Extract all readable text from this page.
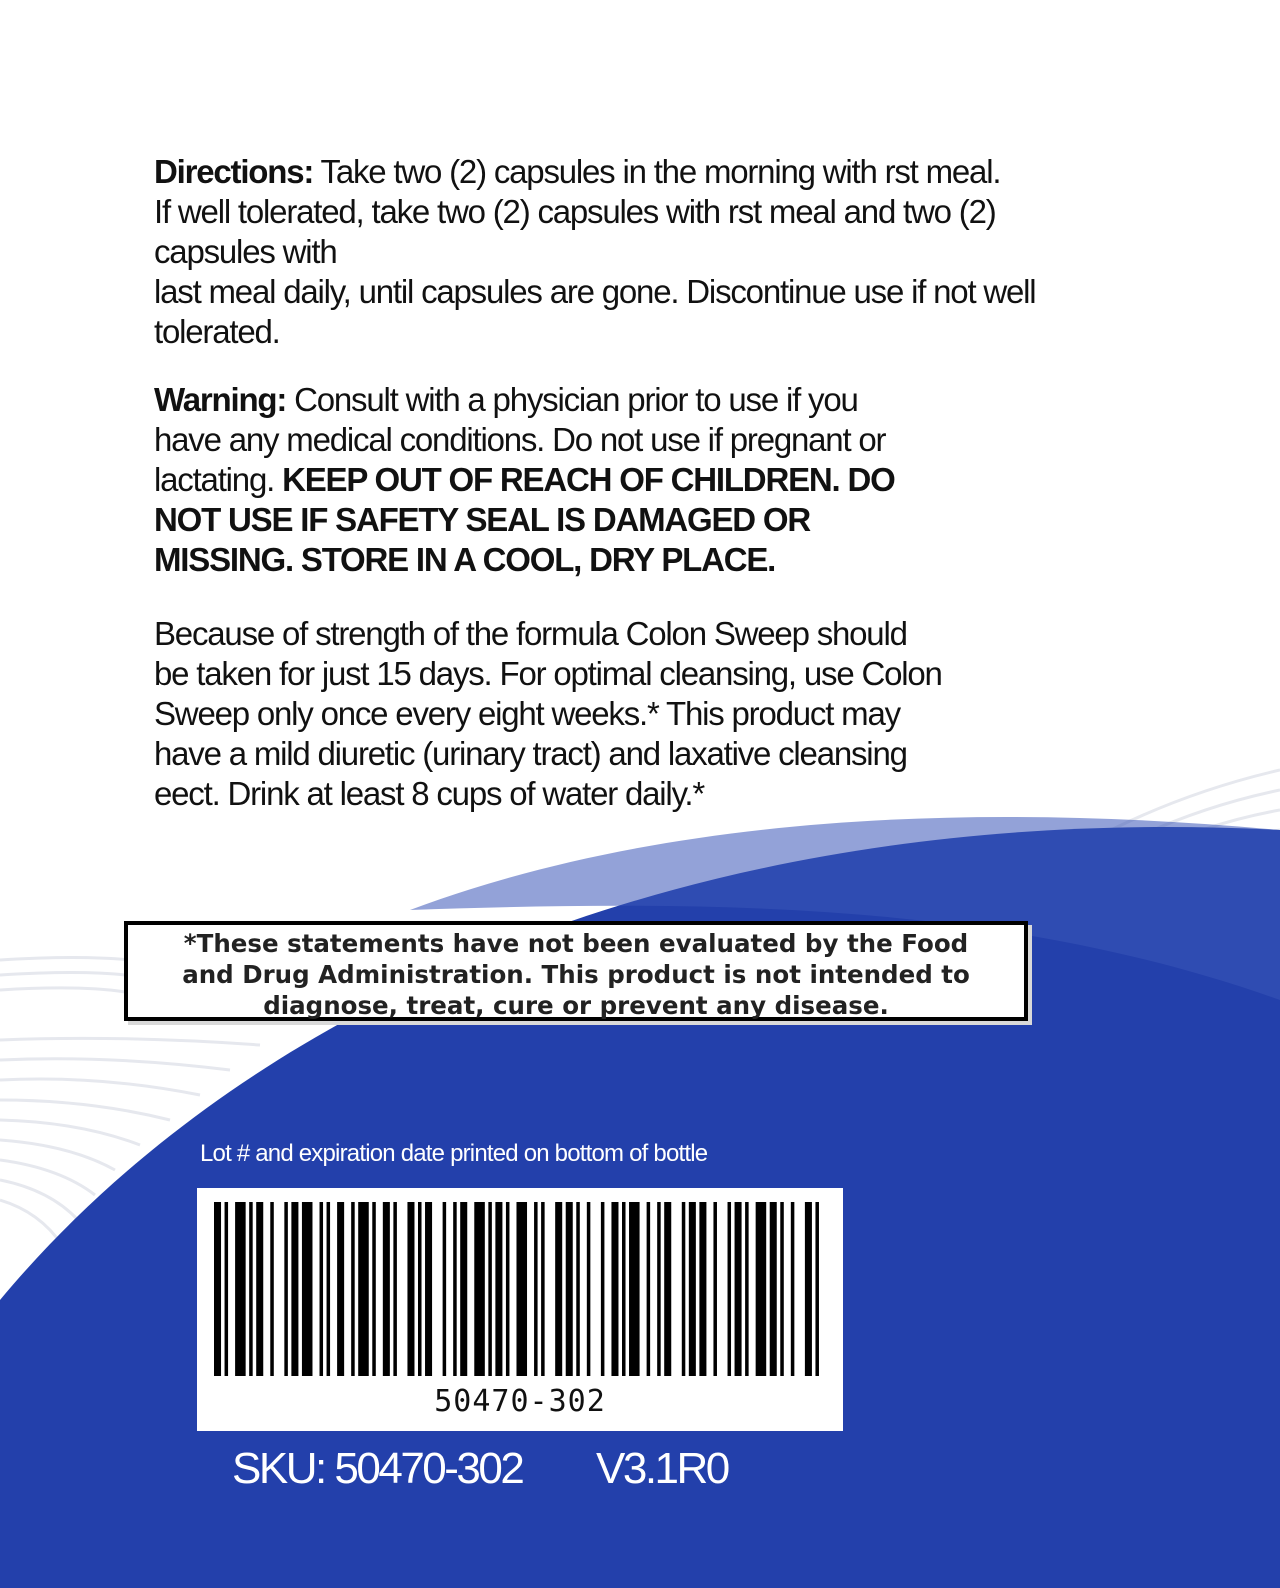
Directions: Take two (2) capsules in the morning with rst meal.
If well tolerated, take two (2) capsules with rst meal and two (2)
capsules with
last meal daily, until capsules are gone. Discontinue use if not well
tolerated.

Warning: Consult with a physician prior to use if you
have any medical conditions. Do not use if pregnant or
lactating. KEEP OUT OF REACH OF CHILDREN. DO
NOT USE IF SAFETY SEAL IS DAMAGED OR
MISSING. STORE IN A COOL, DRY PLACE.

Because of strength of the formula Colon Sweep should
be taken for just 15 days. For optimal cleansing, use Colon
Sweep only once every eight weeks.* This product may
have a mild diuretic (urinary tract) and laxative cleansing
eect. Drink at least 8 cups of water daily.*

*These statements have not been evaluated by the Food
and Drug Administration. This product is not intended to
diagnose, treat, cure or prevent any disease.
Lot # and expiration date printed on bottom of bottle
50470-302
SKU: 50470-302 V3.1R0
